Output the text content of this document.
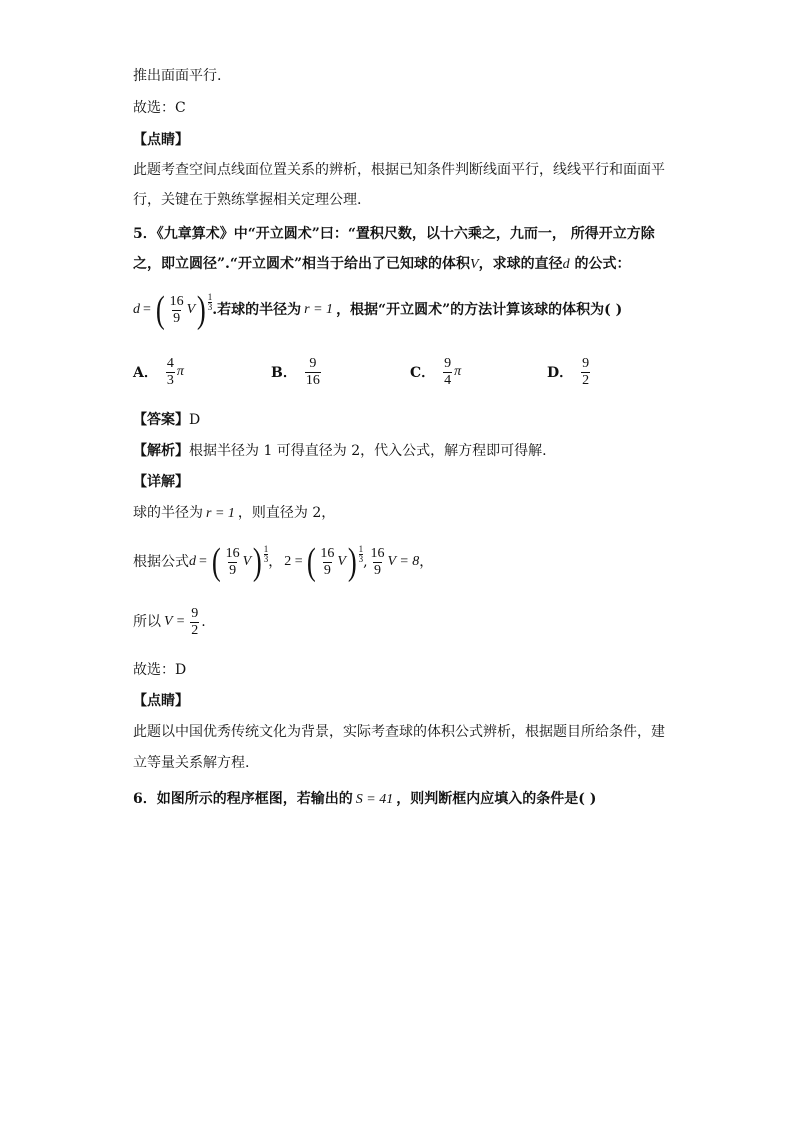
推出面面平行.
故选：C
【点睛】
此题考查空间点线面位置关系的辨析，根据已知条件判断线面平行，线线平行和面面平
行，关键在于熟练掌握相关定理公理.
5．《九章算术》中“开立圆术”曰：“置积尺数，以十六乘之，九而一， 所得开立方除
之，即立圆径”.“开立圆术”相当于给出了已知球的体积V，求球的直径d 的公式：
d = ( $\frac{16}{9}$ V ) $\frac{1}{3}$ .若球的半径为 r = 1 ，根据“开立圆术”的方法计算该球的体积为( )
A． $\frac{4}{3}$ π	B． $\frac{9}{16}$	C． $\frac{9}{4}$ π	D． $\frac{9}{2}$
【答案】D
【解析】根据半径为 1 可得直径为 2，代入公式，解方程即可得解.
【详解】
球的半径为 r = 1 ，则直径为 2，
根据公式 d = ( $\frac{16}{9}$ V ) $\frac{1}{3}$ ， 2 = ( $\frac{16}{9}$ V ) $\frac{1}{3}$ , $\frac{16}{9}$ V = 8 ，
所以 $V = \frac{9}{2}$ .
故选：D
【点睛】
此题以中国优秀传统文化为背景，实际考查球的体积公式辨析，根据题目所给条件，建
立等量关系解方程.
6．如图所示的程序框图，若输出的 S = 41 ，则判断框内应填入的条件是( )
